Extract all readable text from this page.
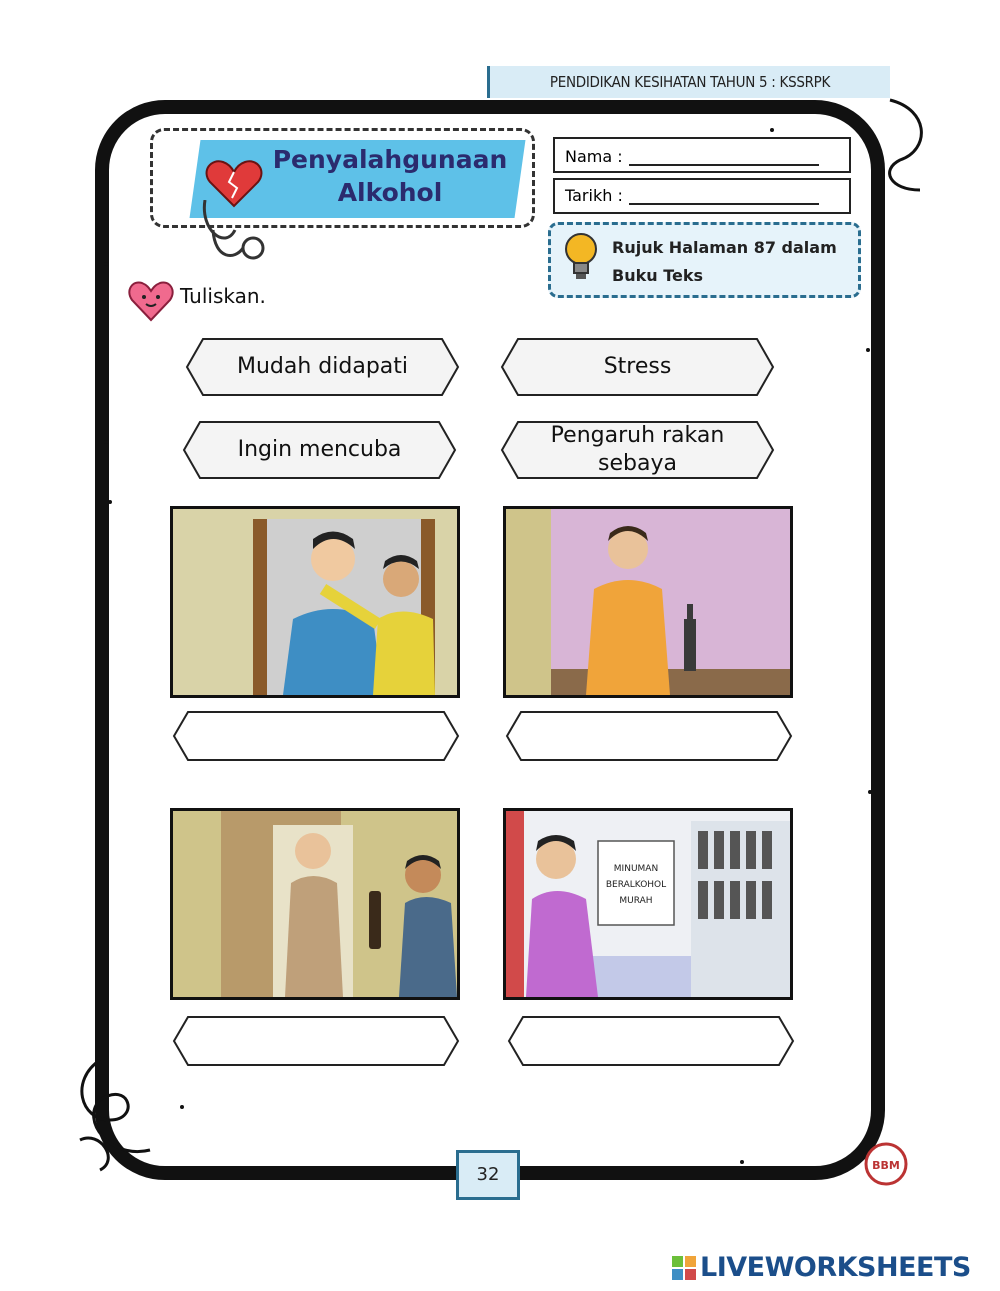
PENDIDIKAN KESIHATAN TAHUN 5 : KSSRPK
Penyalahgunaan
Alkohol
Nama :
Tarikh :
Rujuk Halaman 87 dalam Buku Teks
Tuliskan.
Mudah didapati	Stress
Ingin mencuba
Pengaruh rakan sebaya
MINUMAN
BERALKOHOL
MURAH
32	BBM
LIVEWORKSHEETS
